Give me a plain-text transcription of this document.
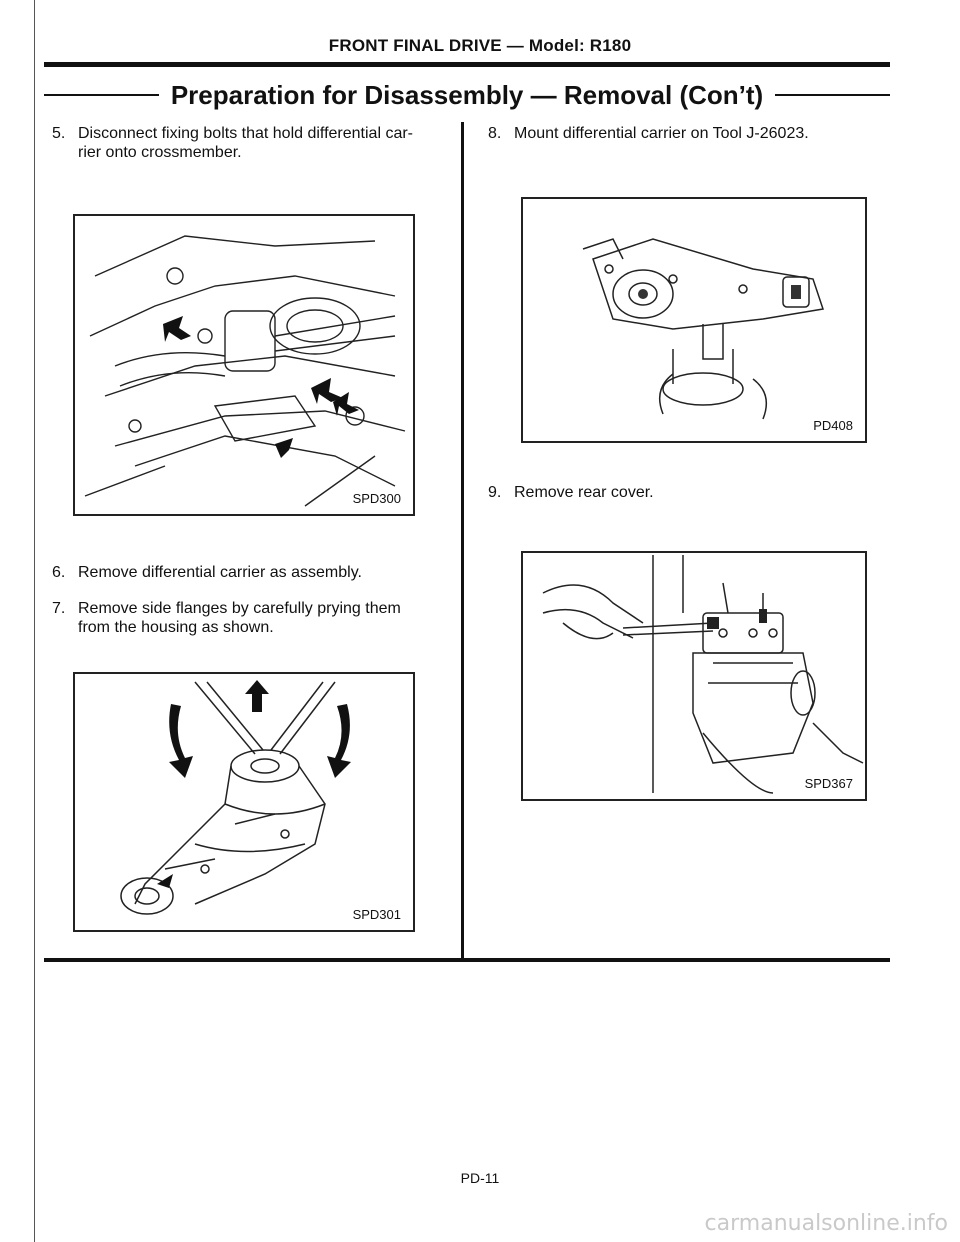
FRONT FINAL DRIVE — Model: R180
Preparation for Disassembly — Removal (Con’t)
5. Disconnect fixing bolts that hold differential car-
rier onto crossmember.
SPD300
6. Remove differential carrier as assembly.
7. Remove side flanges by carefully prying them
from the housing as shown.
SPD301
8. Mount differential carrier on Tool J-26023.
PD408
9. Remove rear cover.
SPD367
PD-11
carmanualsonline.info
